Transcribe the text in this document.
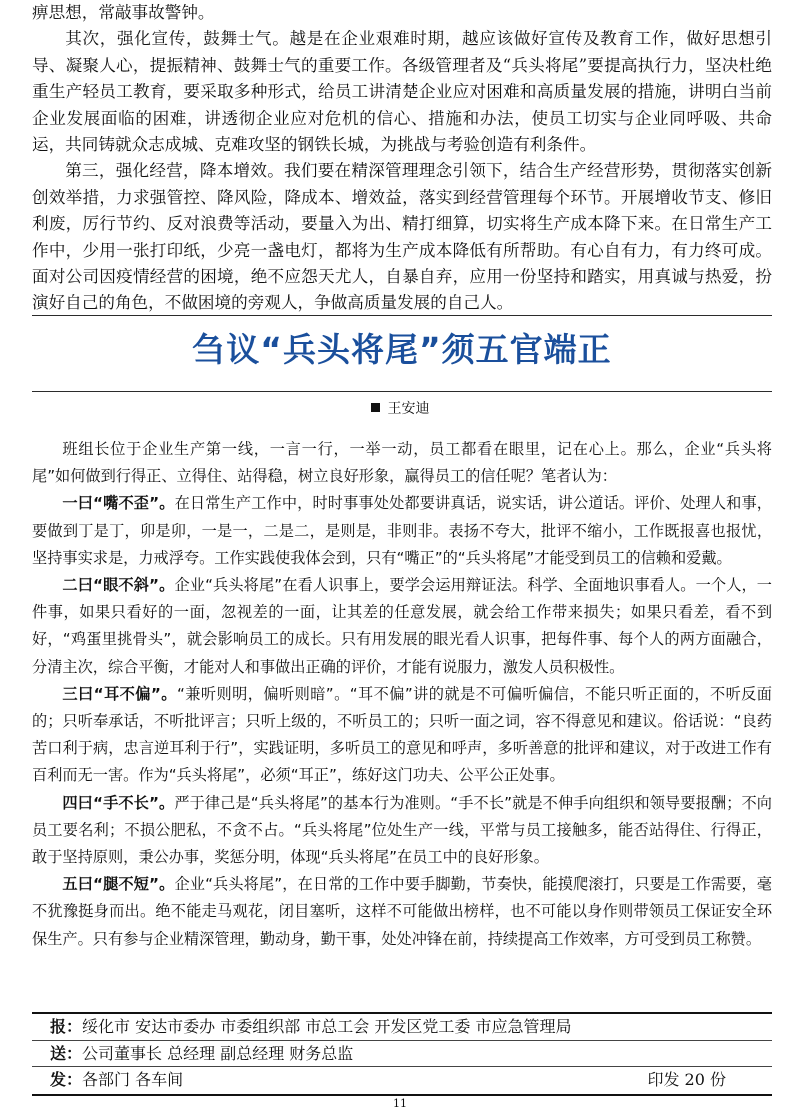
痹思想，常敲事故警钟。

其次，强化宣传，鼓舞士气。越是在企业艰难时期，越应该做好宣传及教育工作，做好思想引导、凝聚人心，提振精神、鼓舞士气的重要工作。各级管理者及“兵头将尾”要提高执行力，坚决杜绝重生产轻员工教育，要采取多种形式，给员工讲清楚企业应对困难和高质量发展的措施，讲明白当前企业发展面临的困难，讲透彻企业应对危机的信心、措施和办法，使员工切实与企业同呼吸、共命运，共同铸就众志成城、克难攻坚的钢铁长城，为挑战与考验创造有利条件。

第三，强化经营，降本增效。我们要在精深管理理念引领下，结合生产经营形势，贯彻落实创新创效举措，力求强管控、降风险，降成本、增效益，落实到经营管理每个环节。开展增收节支、修旧利废，厉行节约、反对浪费等活动，要量入为出、精打细算，切实将生产成本降下来。在日常生产工作中，少用一张打印纸，少亮一盏电灯，都将为生产成本降低有所帮助。有心自有力，有力终可成。面对公司因疫情经营的困境，绝不应怨天尤人，自暴自弃，应用一份坚持和踏实，用真诚与热爱，扮演好自己的角色，不做困境的旁观人，争做高质量发展的自己人。

刍议“兵头将尾”须五官端正
王安迪

班组长位于企业生产第一线，一言一行，一举一动，员工都看在眼里，记在心上。那么，企业“兵头将尾”如何做到行得正、立得住、站得稳，树立良好形象，赢得员工的信任呢？笔者认为：

一曰“嘴不歪”。在日常生产工作中，时时事事处处都要讲真话，说实话，讲公道话。评价、处理人和事，要做到丁是丁，卯是卯，一是一，二是二，是则是，非则非。表扬不夸大，批评不缩小，工作既报喜也报忧，坚持事实求是，力戒浮夸。工作实践使我体会到，只有“嘴正”的“兵头将尾”才能受到员工的信赖和爱戴。

二曰“眼不斜”。企业“兵头将尾”在看人识事上，要学会运用辩证法。科学、全面地识事看人。一个人，一件事，如果只看好的一面，忽视差的一面，让其差的任意发展，就会给工作带来损失；如果只看差，看不到好，“鸡蛋里挑骨头”，就会影响员工的成长。只有用发展的眼光看人识事，把每件事、每个人的两方面融合，分清主次，综合平衡，才能对人和事做出正确的评价，才能有说服力，激发人员积极性。

三曰“耳不偏”。“兼听则明，偏听则暗”。“耳不偏”讲的就是不可偏听偏信，不能只听正面的，不听反面的；只听奉承话，不听批评言；只听上级的，不听员工的；只听一面之词，容不得意见和建议。俗话说：“良药苦口利于病，忠言逆耳利于行”，实践证明，多听员工的意见和呼声，多听善意的批评和建议，对于改进工作有百利而无一害。作为“兵头将尾”，必须“耳正”，练好这门功夫、公平公正处事。

四曰“手不长”。严于律己是“兵头将尾”的基本行为准则。“手不长”就是不伸手向组织和领导要报酬；不向员工要名利；不损公肥私，不贪不占。“兵头将尾”位处生产一线，平常与员工接触多，能否站得住、行得正，敢于坚持原则，秉公办事，奖惩分明，体现“兵头将尾”在员工中的良好形象。

五曰“腿不短”。企业“兵头将尾”，在日常的工作中要手脚勤，节奏快，能摸爬滚打，只要是工作需要，毫不犹豫挺身而出。绝不能走马观花，闭目塞听，这样不可能做出榜样，也不可能以身作则带领员工保证安全环保生产。只有参与企业精深管理，勤动身，勤干事，处处冲锋在前，持续提高工作效率，方可受到员工称赞。

报：绥化市 安达市委办 市委组织部 市总工会 开发区党工委 市应急管理局
送：公司董事长 总经理 副总经理 财务总监
发：各部门 各车间	印发 20 份
11
